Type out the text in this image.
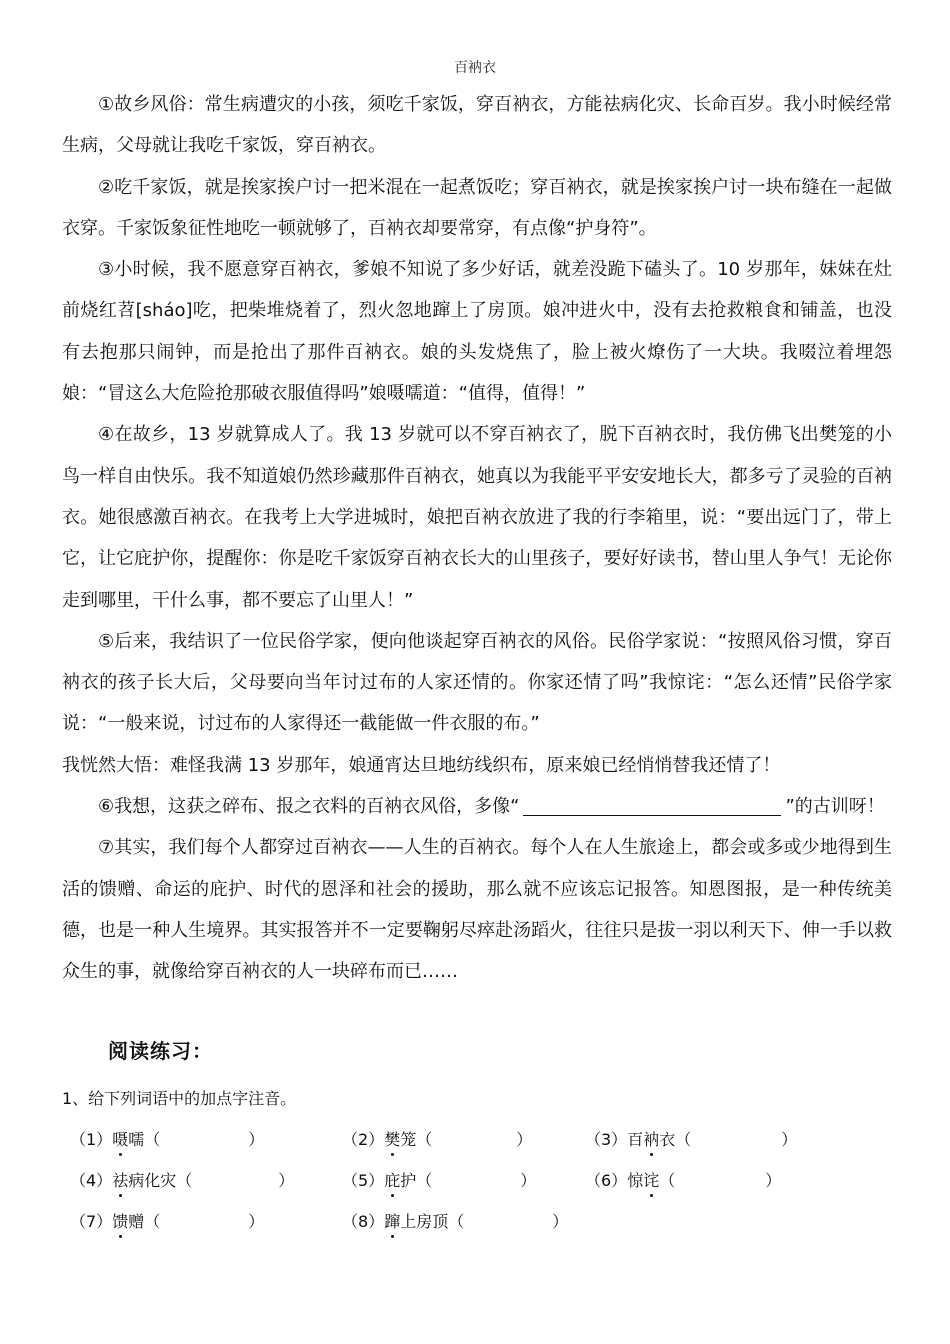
百衲衣

①故乡风俗：常生病遭灾的小孩，须吃千家饭，穿百衲衣，方能祛病化灾、长命百岁。我小时候经常生病，父母就让我吃千家饭，穿百衲衣。

②吃千家饭，就是挨家挨户讨一把米混在一起煮饭吃；穿百衲衣，就是挨家挨户讨一块布缝在一起做衣穿。千家饭象征性地吃一顿就够了，百衲衣却要常穿，有点像“护身符”。

③小时候，我不愿意穿百衲衣，爹娘不知说了多少好话，就差没跪下磕头了。10 岁那年，妹妹在灶前烧红苕[sháo]吃，把柴堆烧着了，烈火忽地蹿上了房顶。娘冲进火中，没有去抢救粮食和铺盖，也没有去抱那只闹钟，而是抢出了那件百衲衣。娘的头发烧焦了，脸上被火燎伤了一大块。我啜泣着埋怨娘：“冒这么大危险抢那破衣服值得吗”娘嗫嚅道：“值得，值得！”

④在故乡，13 岁就算成人了。我 13 岁就可以不穿百衲衣了，脱下百衲衣时，我仿佛飞出樊笼的小鸟一样自由快乐。我不知道娘仍然珍藏那件百衲衣，她真以为我能平平安安地长大，都多亏了灵验的百衲衣。她很感激百衲衣。在我考上大学进城时，娘把百衲衣放进了我的行李箱里，说：“要出远门了，带上它，让它庇护你，提醒你：你是吃千家饭穿百衲衣长大的山里孩子，要好好读书，替山里人争气！无论你走到哪里，干什么事，都不要忘了山里人！”

⑤后来，我结识了一位民俗学家，便向他谈起穿百衲衣的风俗。民俗学家说：“按照风俗习惯，穿百衲衣的孩子长大后，父母要向当年讨过布的人家还情的。你家还情了吗”我惊诧：“怎么还情”民俗学家说：“一般来说，讨过布的人家得还一截能做一件衣服的布。”

我恍然大悟：难怪我满 13 岁那年，娘通宵达旦地纺线织布，原来娘已经悄悄替我还情了！

⑥我想，这获之碎布、报之衣料的百衲衣风俗，多像“	”的古训呀！

⑦其实，我们每个人都穿过百衲衣——人生的百衲衣。每个人在人生旅途上，都会或多或少地得到生活的馈赠、命运的庇护、时代的恩泽和社会的援助，那么就不应该忘记报答。知恩图报，是一种传统美德，也是一种人生境界。其实报答并不一定要鞠躬尽瘁赴汤蹈火，往往只是拔一羽以利天下、伸一手以救众生的事，就像给穿百衲衣的人一块碎布而已……

阅读练习：
1、给下列词语中的加点字注音。
（1）嗫嚅（	）	（2）樊笼（	）	（3）百衲衣（	）
（4）祛病化灾（	）	（5）庇护（	）	（6）惊诧（	）
（7）馈赠（	）	（8）蹿上房顶（	）
